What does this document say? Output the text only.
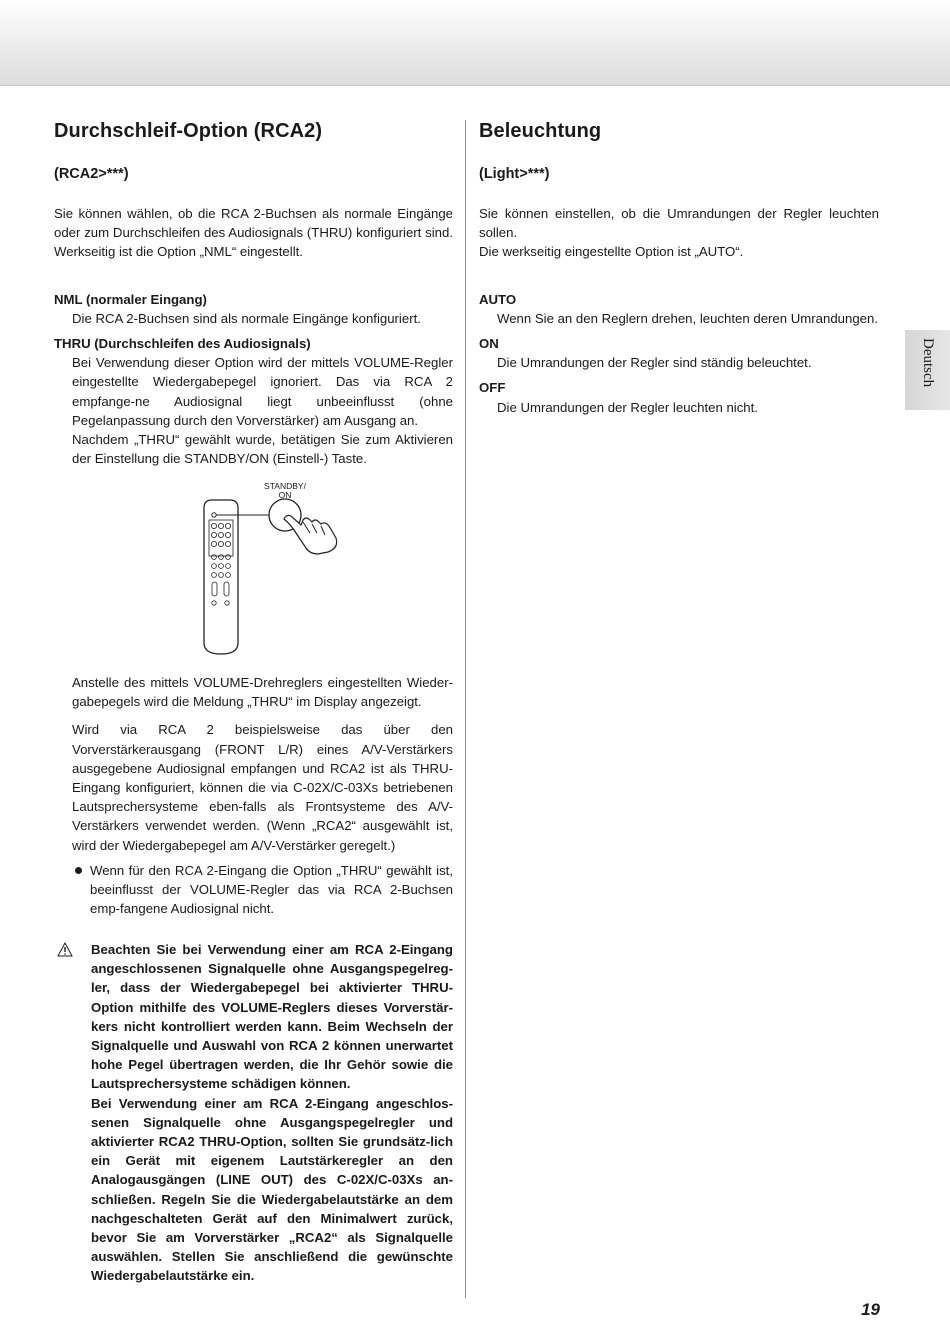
Durchschleif-Option (RCA2)
(RCA2>***)

Sie können wählen, ob die RCA 2-Buchsen als normale Eingänge oder zum Durchschleifen des Audiosignals (THRU) konfiguriert sind. Werkseitig ist die Option „NML“ eingestellt.

NML (normaler Eingang)
Die RCA 2-Buchsen sind als normale Eingänge konfiguriert.
THRU (Durchschleifen des Audiosignals)
Bei Verwendung dieser Option wird der mittels VOLUME-Regler eingestellte Wiedergabepegel ignoriert. Das via RCA 2 empfange-ne Audiosignal liegt unbeeinflusst (ohne Pegelanpassung durch den Vorverstärker) am Ausgang an.
Nachdem „THRU“ gewählt wurde, betätigen Sie zum Aktivieren der Einstellung die STANDBY/ON (Einstell-) Taste.
STANDBY/
ON

Anstelle des mittels VOLUME-Drehreglers eingestellten Wieder-gabepegels wird die Meldung „THRU“ im Display angezeigt.

Wird via RCA 2 beispielsweise das über den Vorverstärkerausgang (FRONT L/R) eines A/V-Verstärkers ausgegebene Audiosignal empfangen und RCA2 ist als THRU-Eingang konfiguriert, können die via C-02X/C-03Xs betriebenen Lautsprechersysteme eben-falls als Frontsysteme des A/V-Verstärkers verwendet werden. (Wenn „RCA2“ ausgewählt ist, wird der Wiedergabepegel am A/V-Verstärker geregelt.)

Wenn für den RCA 2-Eingang die Option „THRU“ gewählt ist, beeinflusst der VOLUME-Regler das via RCA 2-Buchsen emp-fangene Audiosignal nicht.

Beachten Sie bei Verwendung einer am RCA 2-Eingang angeschlossenen Signalquelle ohne Ausgangspegelreg-ler, dass der Wiedergabepegel bei aktivierter THRU-Option mithilfe des VOLUME-Reglers dieses Vorverstär-kers nicht kontrolliert werden kann. Beim Wechseln der Signalquelle und Auswahl von RCA 2 können unerwartet hohe Pegel übertragen werden, die Ihr Gehör sowie die Lautsprechersysteme schädigen können.

Bei Verwendung einer am RCA 2-Eingang angeschlos-senen Signalquelle ohne Ausgangspegelregler und aktivierter RCA2 THRU-Option, sollten Sie grundsätz-lich ein Gerät mit eigenem Lautstärkeregler an den Analogausgängen (LINE OUT) des C-02X/C-03Xs an-schließen. Regeln Sie die Wiedergabelautstärke an dem nachgeschalteten Gerät auf den Minimalwert zurück, bevor Sie am Vorverstärker „RCA2“ als Signalquelle auswählen. Stellen Sie anschließend die gewünschte Wiedergabelautstärke ein.

Beleuchtung
(Light>***)

Sie können einstellen, ob die Umrandungen der Regler leuchten sollen.

Die werkseitig eingestellte Option ist „AUTO“.

AUTO
Wenn Sie an den Reglern drehen, leuchten deren Umrandungen.
ON
Die Umrandungen der Regler sind ständig beleuchtet.
OFF
Die Umrandungen der Regler leuchten nicht.
Deutsch
19
